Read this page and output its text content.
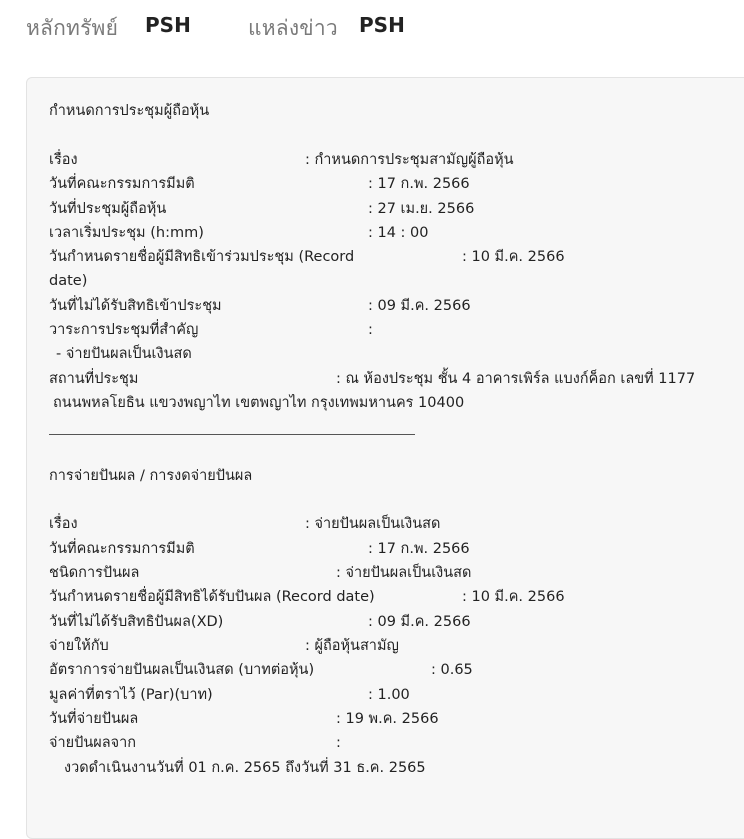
หลักทรัพย์ PSH	แหล่งข่าว PSH
กำหนดการประชุมผู้ถือหุ้น
เรื่อง	: กำหนดการประชุมสามัญผู้ถือหุ้น
วันที่คณะกรรมการมีมติ	: 17 ก.พ. 2566
วันที่ประชุมผู้ถือหุ้น	: 27 เม.ย. 2566
เวลาเริ่มประชุม (h:mm)	: 14 : 00
วันกำหนดรายชื่อผู้มีสิทธิเข้าร่วมประชุม (Record	: 10 มี.ค. 2566
date)
วันที่ไม่ได้รับสิทธิเข้าประชุม	: 09 มี.ค. 2566
วาระการประชุมที่สำคัญ	:
- จ่ายปันผลเป็นเงินสด
สถานที่ประชุม	: ณ ห้องประชุม ชั้น 4 อาคารเพิร์ล แบงก์ค็อก เลขที่ 1177
ถนนพหลโยธิน แขวงพญาไท เขตพญาไท กรุงเทพมหานคร 10400
การจ่ายปันผล / การงดจ่ายปันผล
เรื่อง	: จ่ายปันผลเป็นเงินสด
วันที่คณะกรรมการมีมติ	: 17 ก.พ. 2566
ชนิดการปันผล	: จ่ายปันผลเป็นเงินสด
วันกำหนดรายชื่อผู้มีสิทธิได้รับปันผล (Record date)	: 10 มี.ค. 2566
วันที่ไม่ได้รับสิทธิปันผล(XD)	: 09 มี.ค. 2566
จ่ายให้กับ	: ผู้ถือหุ้นสามัญ
อัตราการจ่ายปันผลเป็นเงินสด (บาทต่อหุ้น)	: 0.65
มูลค่าที่ตราไว้ (Par)(บาท)	: 1.00
วันที่จ่ายปันผล	: 19 พ.ค. 2566
จ่ายปันผลจาก	:
งวดดำเนินงานวันที่ 01 ก.ค. 2565 ถึงวันที่ 31 ธ.ค. 2565
